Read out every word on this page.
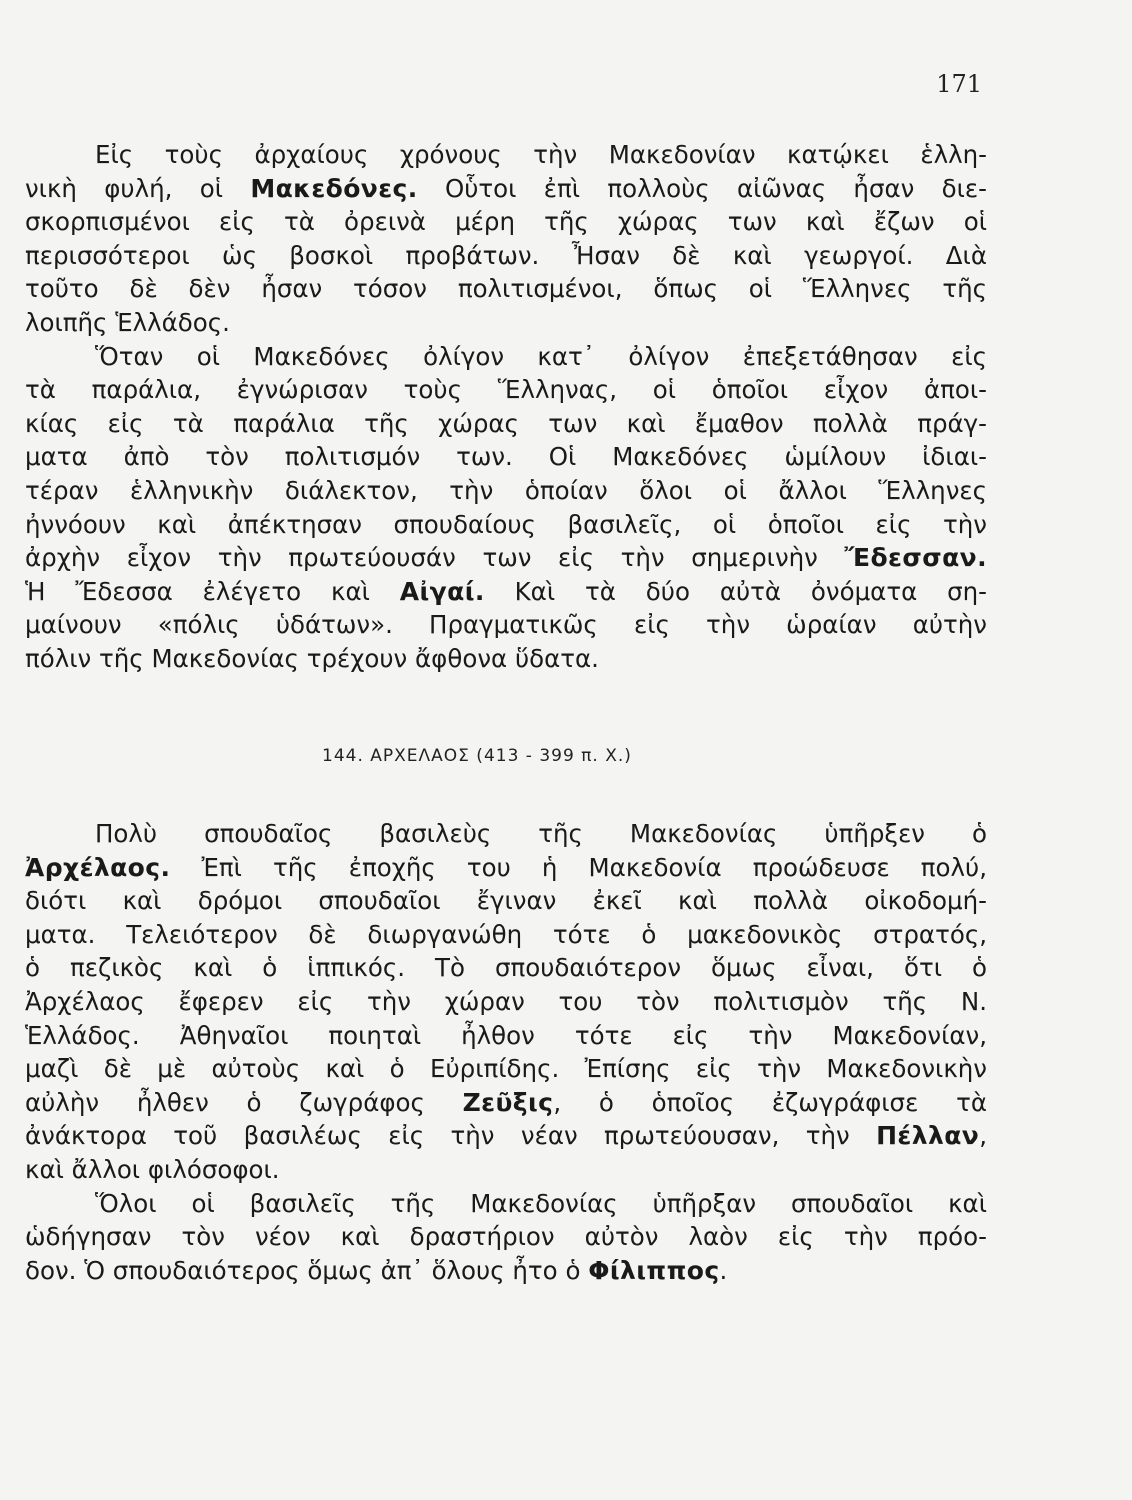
171
Εἰς τοὺς ἀρχαίους χρόνους τὴν Μακεδονίαν κατῴκει ἑλλη-
νικὴ φυλή, οἱ Μακεδόνες. Οὗτοι ἐπὶ πολλοὺς αἰῶνας ἦσαν διε-
σκορπισμένοι εἰς τὰ ὀρεινὰ μέρη τῆς χώρας των καὶ ἔζων οἱ
περισσότεροι ὡς βοσκοὶ προβάτων. Ἦσαν δὲ καὶ γεωργοί. Διὰ
τοῦτο δὲ δὲν ἦσαν τόσον πολιτισμένοι, ὅπως οἱ Ἕλληνες τῆς
λοιπῆς Ἑλλάδος.
Ὅταν οἱ Μακεδόνες ὀλίγον κατ᾽ ὀλίγον ἐπεξετάθησαν εἰς
τὰ παράλια, ἐγνώρισαν τοὺς Ἕλληνας, οἱ ὁποῖοι εἶχον ἀποι-
κίας εἰς τὰ παράλια τῆς χώρας των καὶ ἔμαθον πολλὰ πράγ-
ματα ἀπὸ τὸν πολιτισμόν των. Οἱ Μακεδόνες ὡμίλουν ἰδιαι-
τέραν ἑλληνικὴν διάλεκτον, τὴν ὁποίαν ὅλοι οἱ ἄλλοι Ἕλληνες
ἠννόουν καὶ ἀπέκτησαν σπουδαίους βασιλεῖς, οἱ ὁποῖοι εἰς τὴν
ἀρχὴν εἶχον τὴν πρωτεύουσάν των εἰς τὴν σημερινὴν Ἔδεσσαν.
Ἡ Ἔδεσσα ἐλέγετο καὶ Αἰγαί. Καὶ τὰ δύο αὐτὰ ὀνόματα ση-
μαίνουν «πόλις ὑδάτων». Πραγματικῶς εἰς τὴν ὡραίαν αὐτὴν
πόλιν τῆς Μακεδονίας τρέχουν ἄφθονα ὕδατα.
144. ΑΡΧΕΛΑΟΣ (413 - 399 π. Χ.)
Πολὺ σπουδαῖος βασιλεὺς τῆς Μακεδονίας ὑπῆρξεν ὁ
Ἀρχέλαος. Ἐπὶ τῆς ἐποχῆς του ἡ Μακεδονία προώδευσε πολύ,
διότι καὶ δρόμοι σπουδαῖοι ἔγιναν ἐκεῖ καὶ πολλὰ οἰκοδομή-
ματα. Τελειότερον δὲ διωργανώθη τότε ὁ μακεδονικὸς στρατός,
ὁ πεζικὸς καὶ ὁ ἱππικός. Τὸ σπουδαιότερον ὅμως εἶναι, ὅτι ὁ
Ἀρχέλαος ἔφερεν εἰς τὴν χώραν του τὸν πολιτισμὸν τῆς Ν.
Ἑλλάδος. Ἀθηναῖοι ποιηταὶ ἦλθον τότε εἰς τὴν Μακεδονίαν,
μαζὶ δὲ μὲ αὐτοὺς καὶ ὁ Εὐριπίδης. Ἐπίσης εἰς τὴν Μακεδονικὴν
αὐλὴν ἦλθεν ὁ ζωγράφος Ζεῦξις, ὁ ὁποῖος ἐζωγράφισε τὰ
ἀνάκτορα τοῦ βασιλέως εἰς τὴν νέαν πρωτεύουσαν, τὴν Πέλλαν,
καὶ ἄλλοι φιλόσοφοι.
Ὅλοι οἱ βασιλεῖς τῆς Μακεδονίας ὑπῆρξαν σπουδαῖοι καὶ
ὡδήγησαν τὸν νέον καὶ δραστήριον αὐτὸν λαὸν εἰς τὴν πρόο-
δον. Ὁ σπουδαιότερος ὅμως ἀπ᾽ ὅλους ἦτο ὁ Φίλιππος.
